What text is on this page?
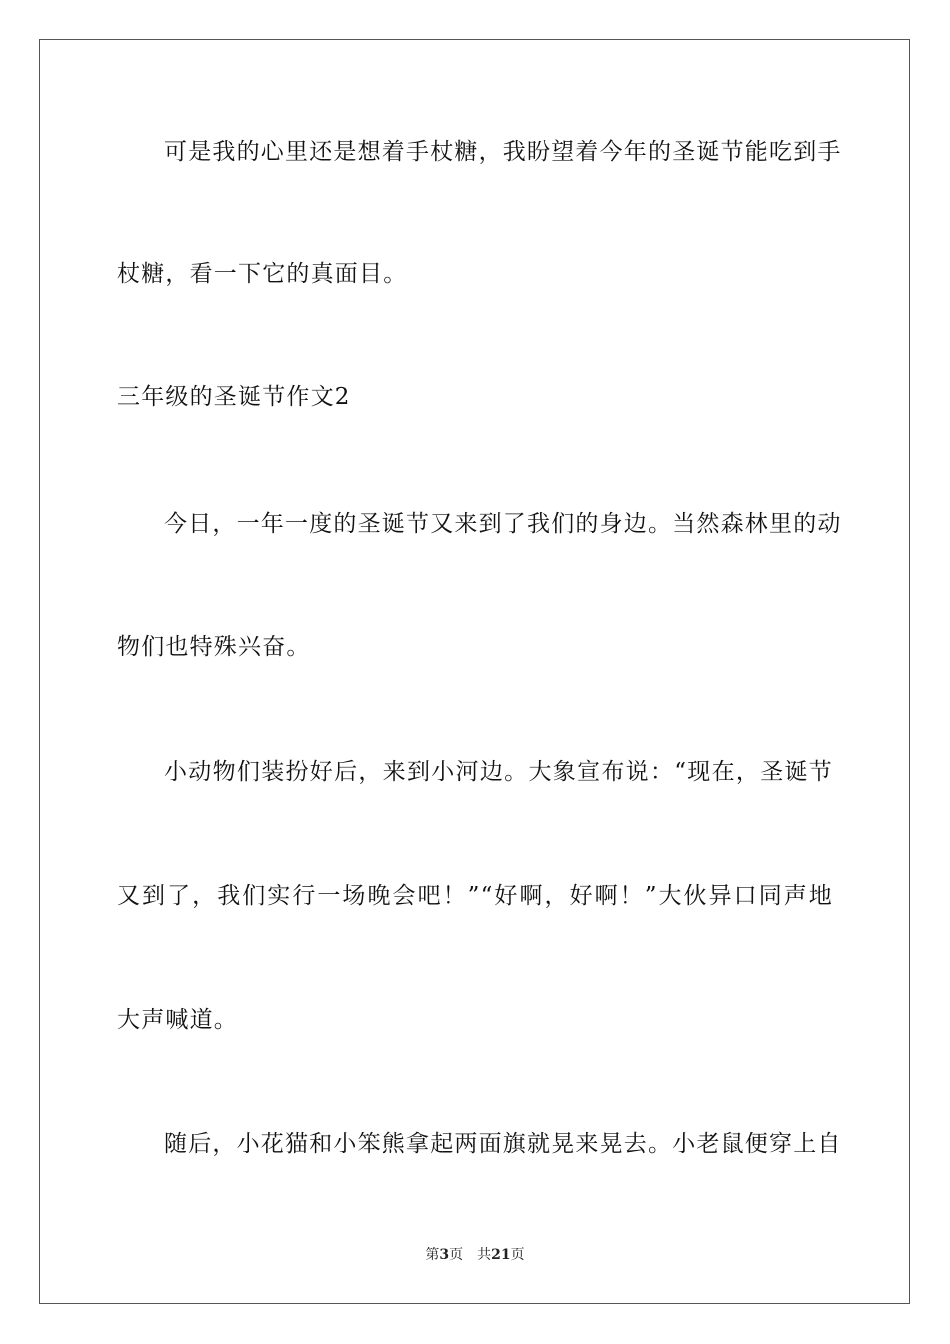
可是我的心里还是想着手杖糖，我盼望着今年的圣诞节能吃到手
杖糖，看一下它的真面目。
三年级的圣诞节作文2
今日，一年一度的圣诞节又来到了我们的身边。当然森林里的动
物们也特殊兴奋。
小动物们装扮好后，来到小河边。大象宣布说：“现在，圣诞节
又到了，我们实行一场晚会吧！”“好啊，好啊！”大伙异口同声地
大声喊道。
随后，小花猫和小笨熊拿起两面旗就晃来晃去。小老鼠便穿上自
第3页 共21页
